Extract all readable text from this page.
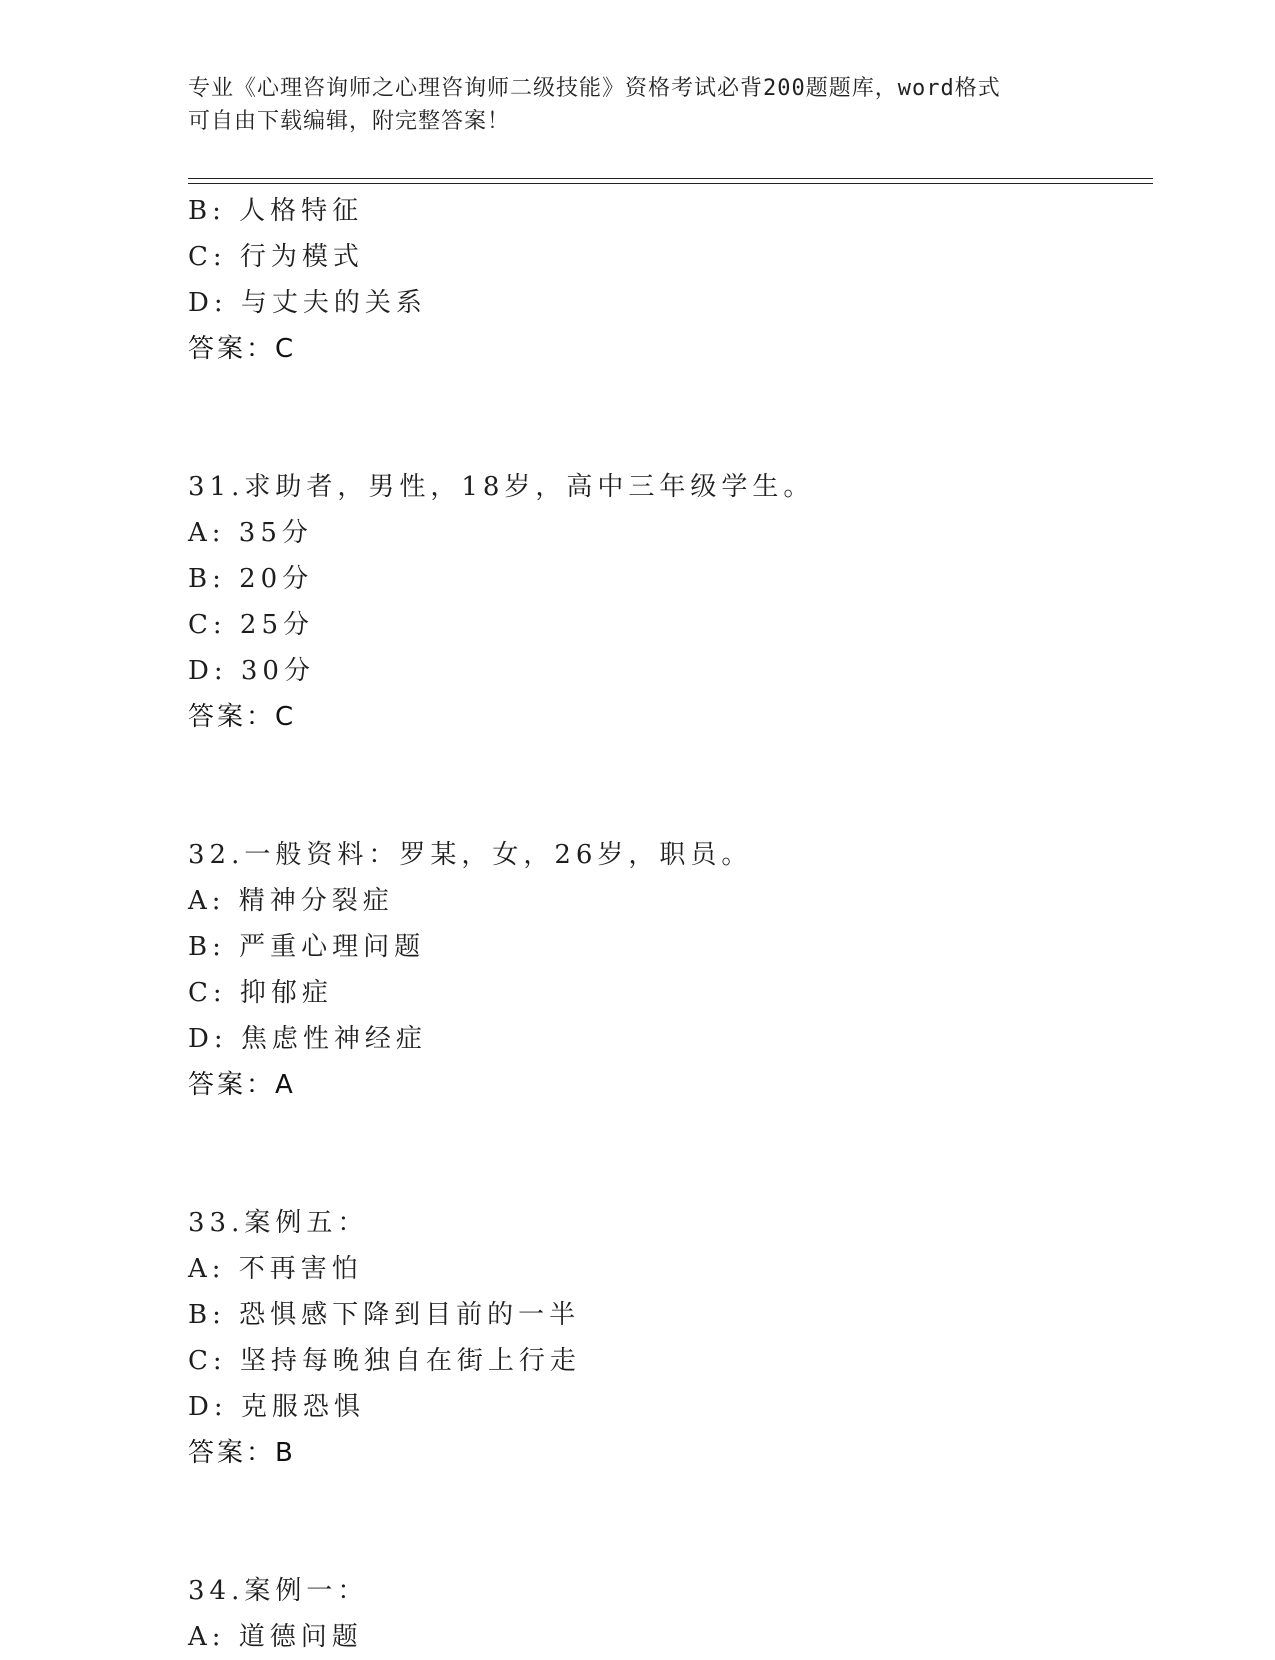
专业《心理咨询师之心理咨询师二级技能》资格考试必背200题题库，word格式
可自由下载编辑，附完整答案！
B: 人格特征
C: 行为模式
D: 与丈夫的关系
答案：C
31.求助者，男性，18岁，高中三年级学生。
A: 35分
B: 20分
C: 25分
D: 30分
答案：C
32.一般资料：罗某，女，26岁，职员。
A: 精神分裂症
B: 严重心理问题
C: 抑郁症
D: 焦虑性神经症
答案：A
33.案例五：
A: 不再害怕
B: 恐惧感下降到目前的一半
C: 坚持每晚独自在街上行走
D: 克服恐惧
答案：B
34.案例一：
A: 道德问题
